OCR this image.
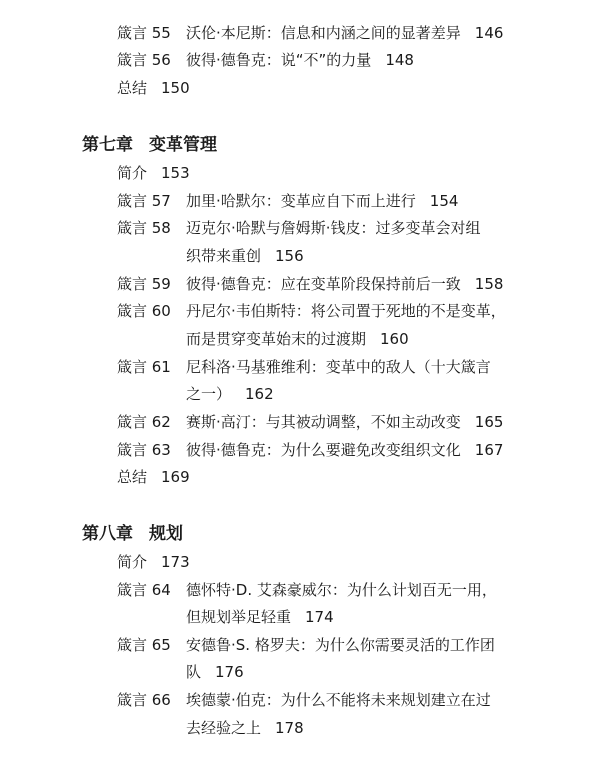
箴言 55 沃伦·本尼斯：信息和内涵之间的显著差异 146
箴言 56 彼得·德鲁克：说“不”的力量 148
总结 150
第七章 变革管理
简介 153
箴言 57 加里·哈默尔：变革应自下而上进行 154
箴言 58 迈克尔·哈默与詹姆斯·钱皮：过多变革会对组
织带来重创 156
箴言 59 彼得·德鲁克：应在变革阶段保持前后一致 158
箴言 60 丹尼尔·韦伯斯特：将公司置于死地的不是变革，
而是贯穿变革始末的过渡期 160
箴言 61 尼科洛·马基雅维利：变革中的敌人（十大箴言
之一） 162
箴言 62 赛斯·高汀：与其被动调整，不如主动改变 165
箴言 63 彼得·德鲁克：为什么要避免改变组织文化 167
总结 169
第八章 规划
简介 173
箴言 64 德怀特·D. 艾森豪威尔：为什么计划百无一用，
但规划举足轻重 174
箴言 65 安德鲁·S. 格罗夫：为什么你需要灵活的工作团
队 176
箴言 66 埃德蒙·伯克：为什么不能将未来规划建立在过
去经验之上 178
